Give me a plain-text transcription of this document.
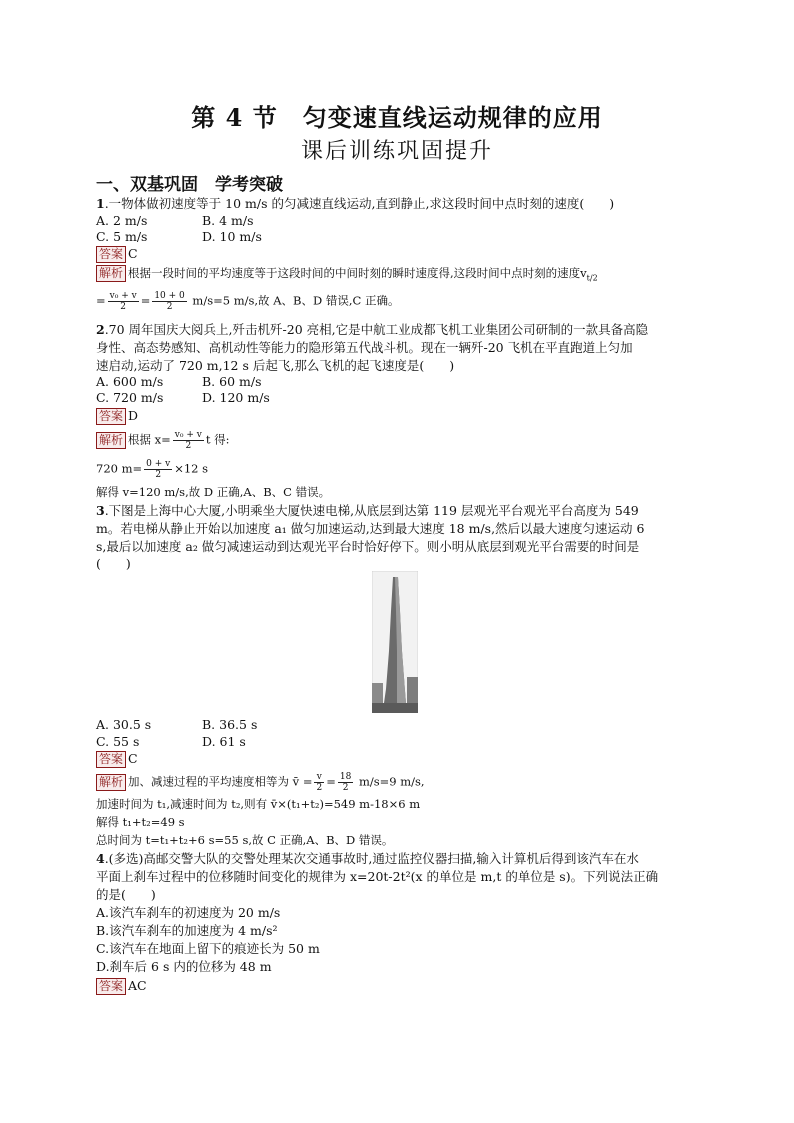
第 4 节　匀变速直线运动规律的应用
课后训练巩固提升
一、双基巩固　学考突破
1.一物体做初速度等于 10 m/s 的匀减速直线运动,直到静止,求这段时间中点时刻的速度(　　)
A. 2 m/s	B. 4 m/s
C. 5 m/s	D. 10 m/s
答案 C
解析 根据一段时间的平均速度等于这段时间的中间时刻的瞬时速度得,这段时间中点时刻的速度$v_{t/2}$
= $\frac{\text{v₀ + v}}{2} = \frac{10 + 0}{2} m/s=5$ m/s,故 A、B、D 错误,C 正确。
2.70 周年国庆大阅兵上,歼击机歼-20 亮相,它是中航工业成都飞机工业集团公司研制的一款具备高隐
身性、高态势感知、高机动性等能力的隐形第五代战斗机。现在一辆歼-20 飞机在平直跑道上匀加
速启动,运动了 720 m,12 s 后起飞,那么飞机的起飞速度是(　　)
A. 600 m/s	B. 60 m/s
C. 720 m/s	D. 120 m/s
答案 D
解析 根据 $x= \frac{\text{v₀ + v}}{2}$ t 得:
720 $m= \frac{0 + v}{2} \times 12$ s
解得 v=120 m/s,故 D 正确,A、B、C 错误。
3.下图是上海中心大厦,小明乘坐大厦快速电梯,从底层到达第 119 层观光平台观光平台高度为 549
m。若电梯从静止开始以加速度 a₁ 做匀加速运动,达到最大速度 18 m/s,然后以最大速度匀速运动 6
s,最后以加速度 a₂ 做匀减速运动到达观光平台时恰好停下。则小明从底层到观光平台需要的时间是
(　　)
A. 30.5 s	B. 36.5 s
C. 55 s	D. 61 s
答案 C
解析 加、减速过程的平均速度相等为 v̄ = $\frac{v}{2} = \frac{18}{2} m/s=9$ m/s,
加速时间为 t₁,减速时间为 t₂,则有 v̄×(t₁+t₂)=549 m-18×6 m
解得 t₁+t₂=49 s
总时间为 t=t₁+t₂+6 s=55 s,故 C 正确,A、B、D 错误。
4.(多选)高邮交警大队的交警处理某次交通事故时,通过监控仪器扫描,输入计算机后得到该汽车在水
平面上刹车过程中的位移随时间变化的规律为 x=20t-2t²(x 的单位是 m,t 的单位是 s)。下列说法正确
的是(　　)
A.该汽车刹车的初速度为 20 m/s
B.该汽车刹车的加速度为 4 m/s²
C.该汽车在地面上留下的痕迹长为 50 m
D.刹车后 6 s 内的位移为 48 m
答案 AC
